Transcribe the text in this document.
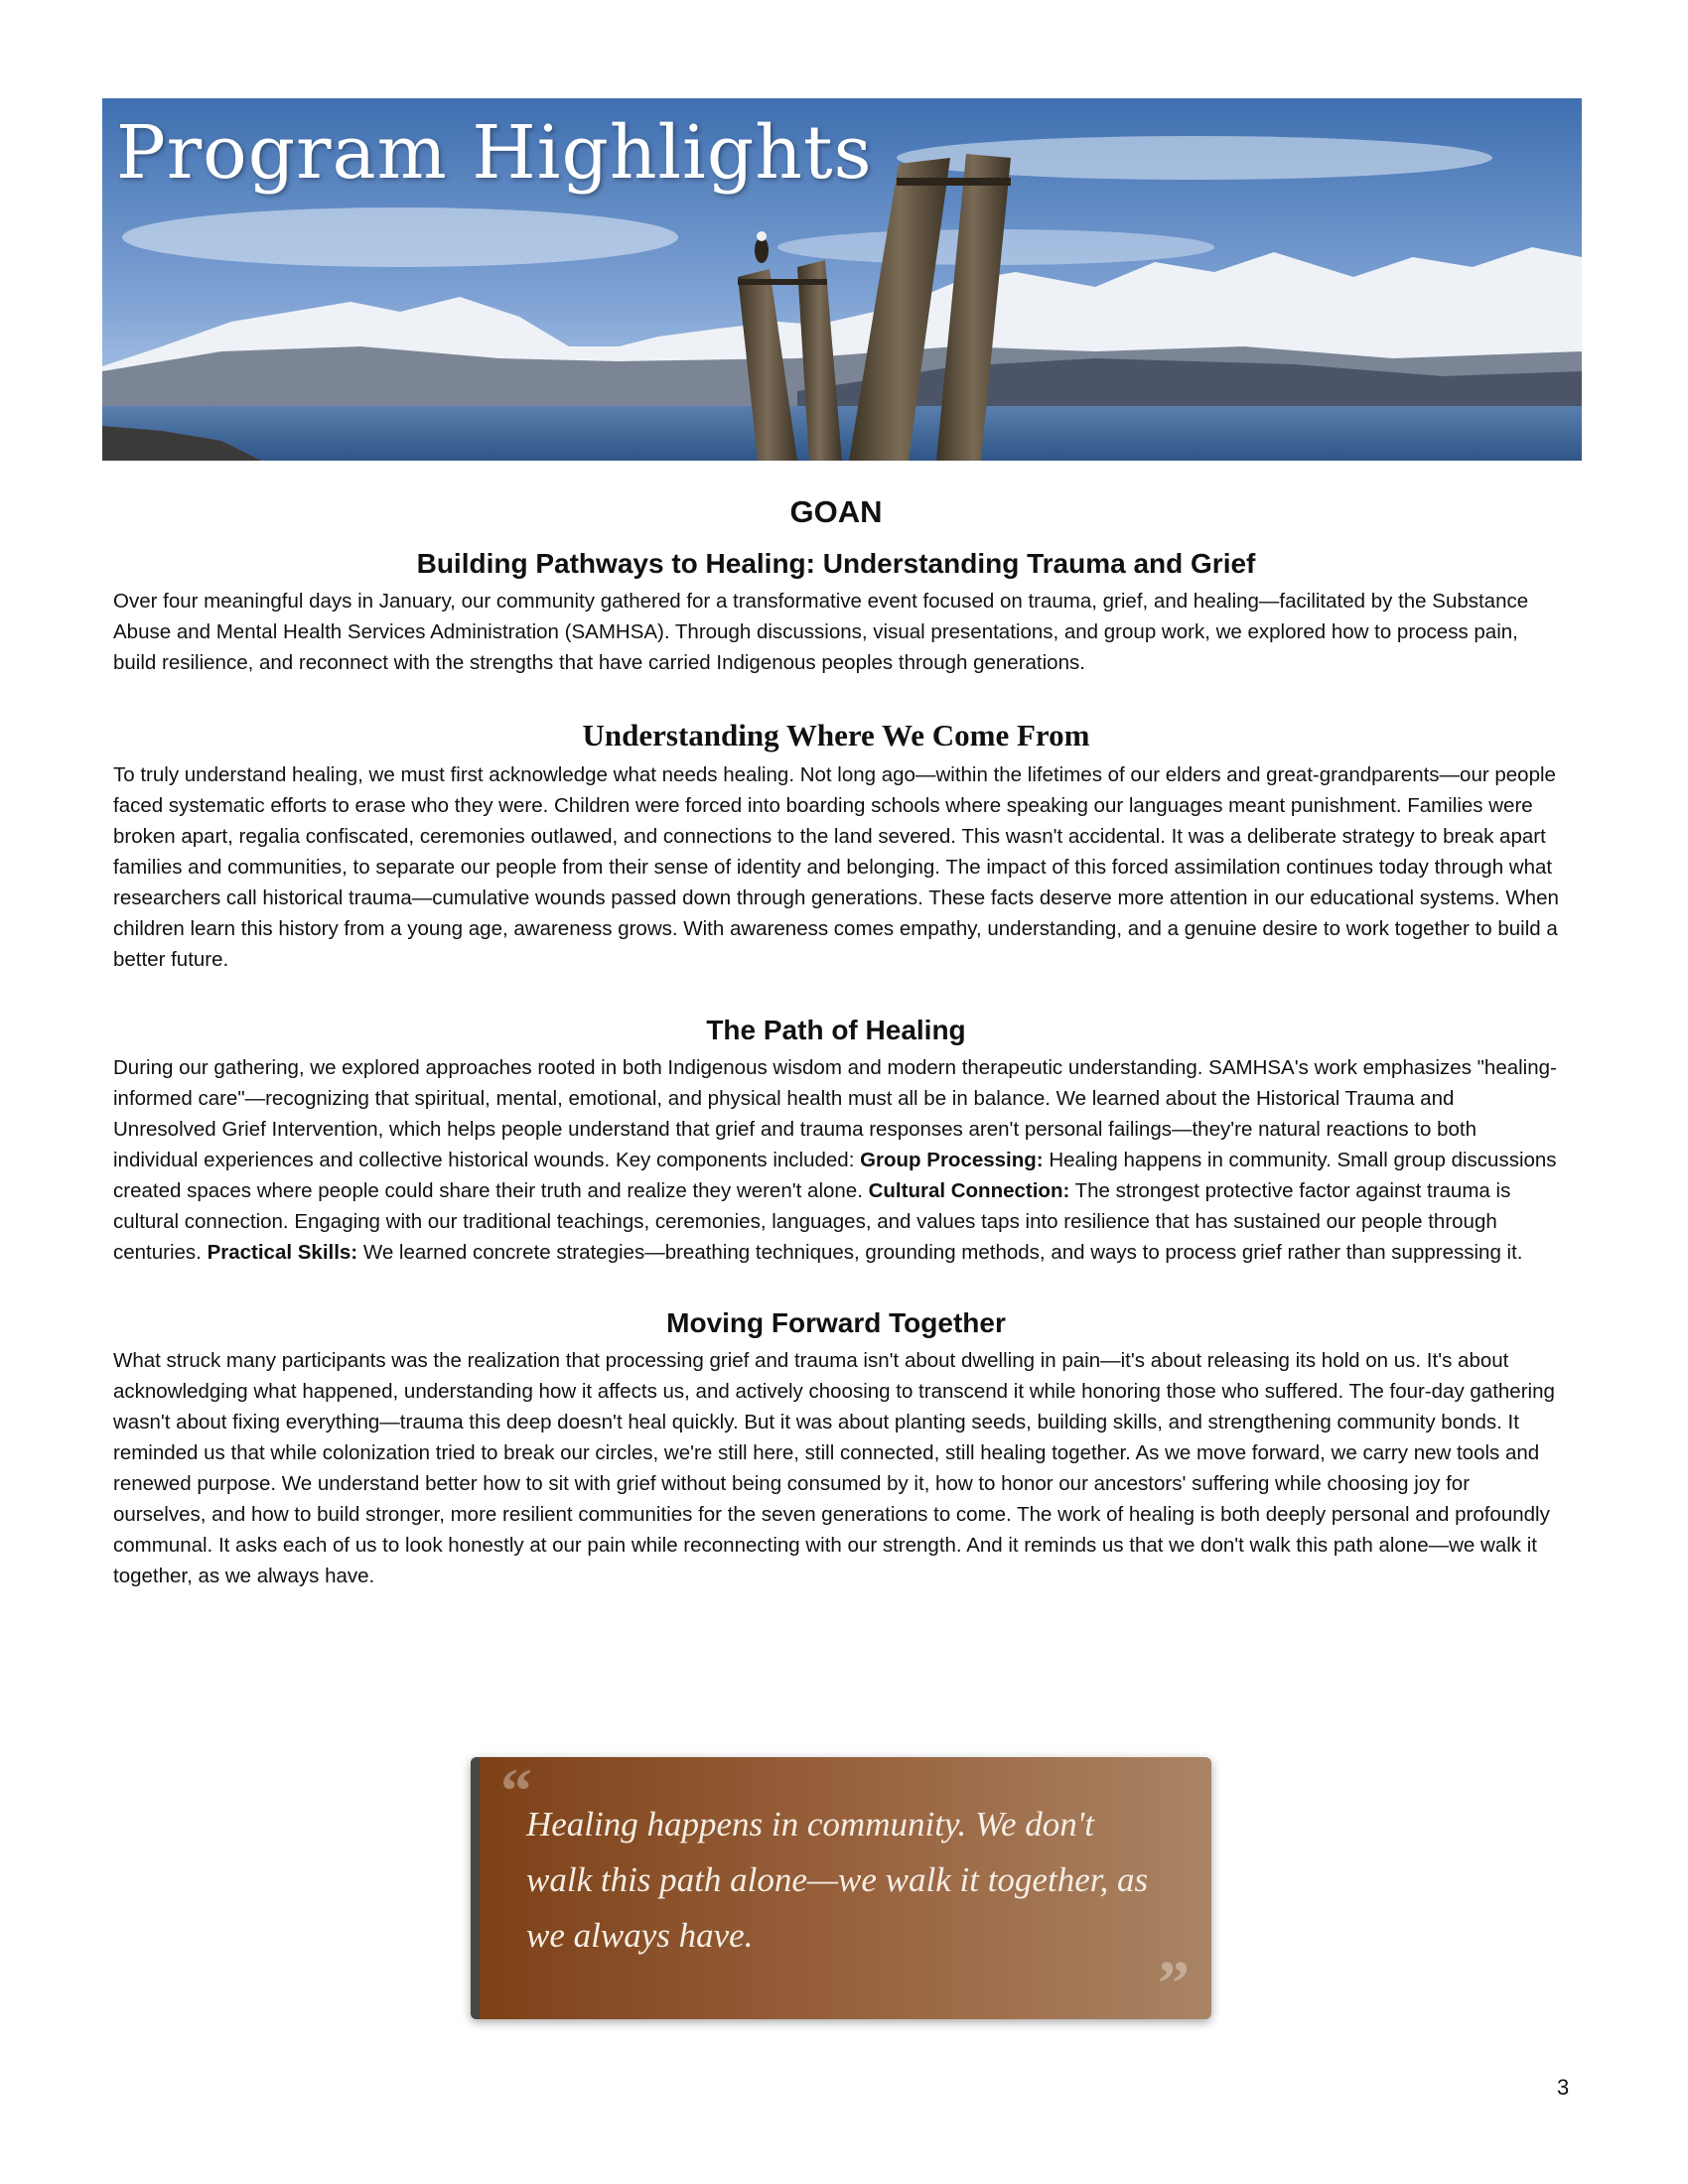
Program Highlights
GOAN
Building Pathways to Healing: Understanding Trauma and Grief

Over four meaningful days in January, our community gathered for a transformative event focused on trauma, grief, and healing—facilitated by the Substance Abuse and Mental Health Services Administration (SAMHSA). Through discussions, visual presentations, and group work, we explored how to process pain, build resilience, and reconnect with the strengths that have carried Indigenous peoples through generations.

Understanding Where We Come From

To truly understand healing, we must first acknowledge what needs healing. Not long ago—within the lifetimes of our elders and great-grandparents—our people faced systematic efforts to erase who they were. Children were forced into boarding schools where speaking our languages meant punishment. Families were broken apart, regalia confiscated, ceremonies outlawed, and connections to the land severed. This wasn't accidental. It was a deliberate strategy to break apart families and communities, to separate our people from their sense of identity and belonging. The impact of this forced assimilation continues today through what researchers call historical trauma—cumulative wounds passed down through generations. These facts deserve more attention in our educational systems. When children learn this history from a young age, awareness grows. With awareness comes empathy, understanding, and a genuine desire to work together to build a better future.

The Path of Healing

During our gathering, we explored approaches rooted in both Indigenous wisdom and modern therapeutic understanding. SAMHSA's work emphasizes "healing-informed care"—recognizing that spiritual, mental, emotional, and physical health must all be in balance. We learned about the Historical Trauma and Unresolved Grief Intervention, which helps people understand that grief and trauma responses aren't personal failings—they're natural reactions to both individual experiences and collective historical wounds. Key components included: Group Processing: Healing happens in community. Small group discussions created spaces where people could share their truth and realize they weren't alone. Cultural Connection: The strongest protective factor against trauma is cultural connection. Engaging with our traditional teachings, ceremonies, languages, and values taps into resilience that has sustained our people through centuries. Practical Skills: We learned concrete strategies—breathing techniques, grounding methods, and ways to process grief rather than suppressing it.

Moving Forward Together

What struck many participants was the realization that processing grief and trauma isn't about dwelling in pain—it's about releasing its hold on us. It's about acknowledging what happened, understanding how it affects us, and actively choosing to transcend it while honoring those who suffered. The four-day gathering wasn't about fixing everything—trauma this deep doesn't heal quickly. But it was about planting seeds, building skills, and strengthening community bonds. It reminded us that while colonization tried to break our circles, we're still here, still connected, still healing together. As we move forward, we carry new tools and renewed purpose. We understand better how to sit with grief without being consumed by it, how to honor our ancestors' suffering while choosing joy for ourselves, and how to build stronger, more resilient communities for the seven generations to come. The work of healing is both deeply personal and profoundly communal. It asks each of us to look honestly at our pain while reconnecting with our strength. And it reminds us that we don't walk this path alone—we walk it together, as we always have.

“
Healing happens in community. We don't walk this path alone—we walk it together, as we always have.
”
3
